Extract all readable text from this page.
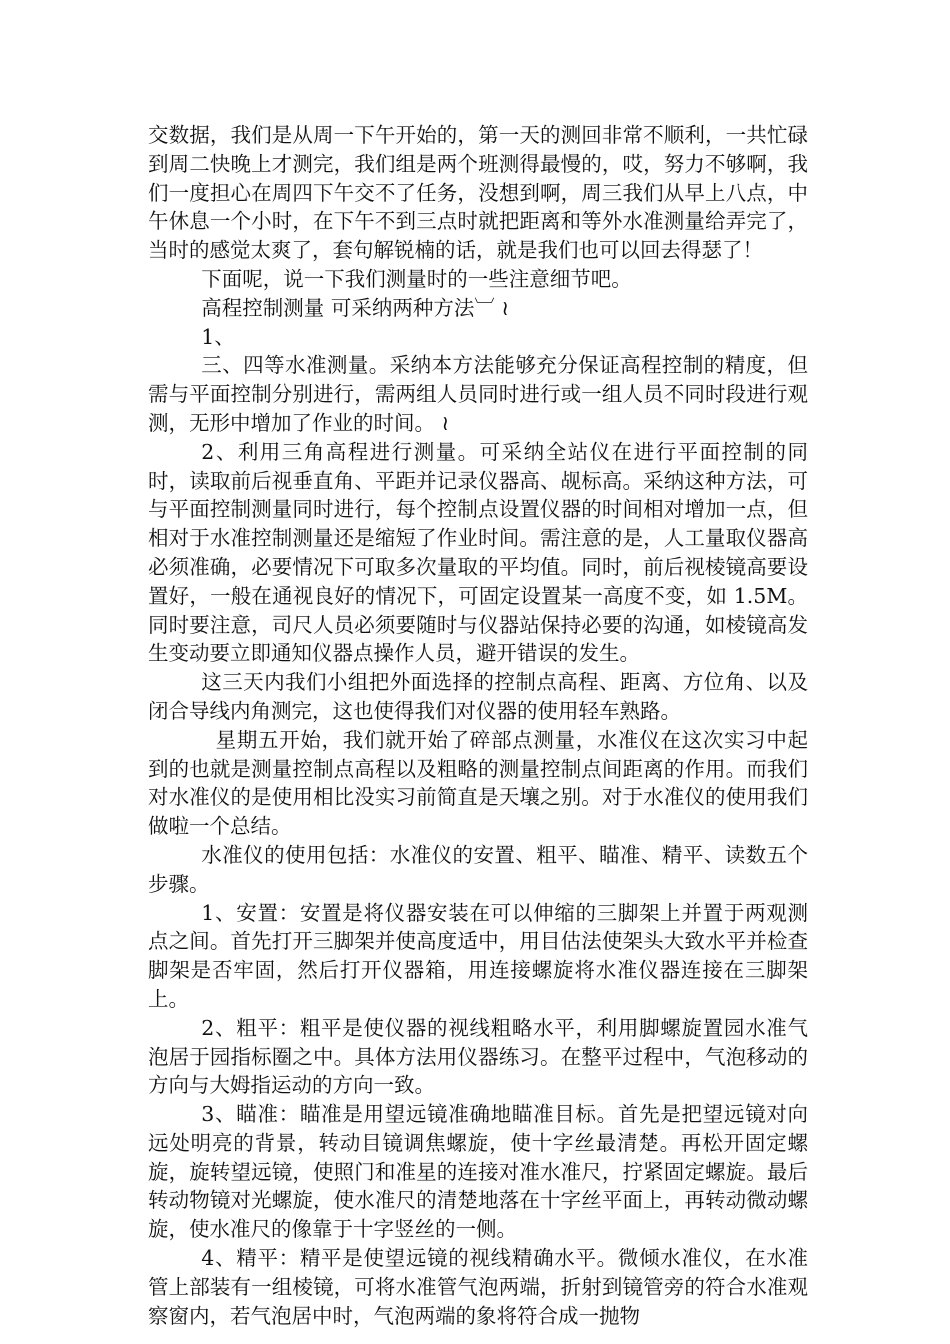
交数据，我们是从周一下午开始的，第一天的测回非常不顺利，一共忙碌到周二快晚上才测完，我们组是两个班测得最慢的，哎，努力不够啊，我们一度担心在周四下午交不了任务，没想到啊，周三我们从早上八点，中午休息一个小时，在下午不到三点时就把距离和等外水准测量给弄完了，当时的感觉太爽了，套句解锐楠的话，就是我们也可以回去得瑟了！

下面呢，说一下我们测量时的一些注意细节吧。

高程控制测量 可采纳两种方法︺ ≀

1、

三、四等水准测量。采纳本方法能够充分保证高程控制的精度，但需与平面控制分别进行，需两组人员同时进行或一组人员不同时段进行观测，无形中增加了作业的时间。 ≀

2、利用三角高程进行测量。可采纳全站仪在进行平面控制的同时，读取前后视垂直角、平距并记录仪器高、觇标高。采纳这种方法，可与平面控制测量同时进行，每个控制点设置仪器的时间相对增加一点，但相对于水准控制测量还是缩短了作业时间。需注意的是，人工量取仪器高必须准确，必要情况下可取多次量取的平均值。同时，前后视棱镜高要设置好，一般在通视良好的情况下，可固定设置某一高度不变，如 1.5M。同时要注意，司尺人员必须要随时与仪器站保持必要的沟通，如棱镜高发生变动要立即通知仪器点操作人员，避开错误的发生。

这三天内我们小组把外面选择的控制点高程、距离、方位角、以及闭合导线内角测完，这也使得我们对仪器的使用轻车熟路。

星期五开始，我们就开始了碎部点测量，水准仪在这次实习中起到的也就是测量控制点高程以及粗略的测量控制点间距离的作用。而我们对水准仪的是使用相比没实习前简直是天壤之别。对于水准仪的使用我们做啦一个总结。

水准仪的使用包括：水准仪的安置、粗平、瞄准、精平、读数五个步骤。

1、安置：安置是将仪器安装在可以伸缩的三脚架上并置于两观测点之间。首先打开三脚架并使高度适中，用目估法使架头大致水平并检查脚架是否牢固，然后打开仪器箱，用连接螺旋将水准仪器连接在三脚架上。

2、粗平：粗平是使仪器的视线粗略水平，利用脚螺旋置园水准气泡居于园指标圈之中。具体方法用仪器练习。在整平过程中，气泡移动的方向与大姆指运动的方向一致。

3、瞄准：瞄准是用望远镜准确地瞄准目标。首先是把望远镜对向远处明亮的背景，转动目镜调焦螺旋，使十字丝最清楚。再松开固定螺旋，旋转望远镜，使照门和准星的连接对准水准尺，拧紧固定螺旋。最后转动物镜对光螺旋，使水准尺的清楚地落在十字丝平面上，再转动微动螺旋，使水准尺的像靠于十字竖丝的一侧。

4、精平：精平是使望远镜的视线精确水平。微倾水准仪，在水准管上部装有一组棱镜，可将水准管气泡两端，折射到镜管旁的符合水准观察窗内，若气泡居中时，气泡两端的象将符合成一抛物
